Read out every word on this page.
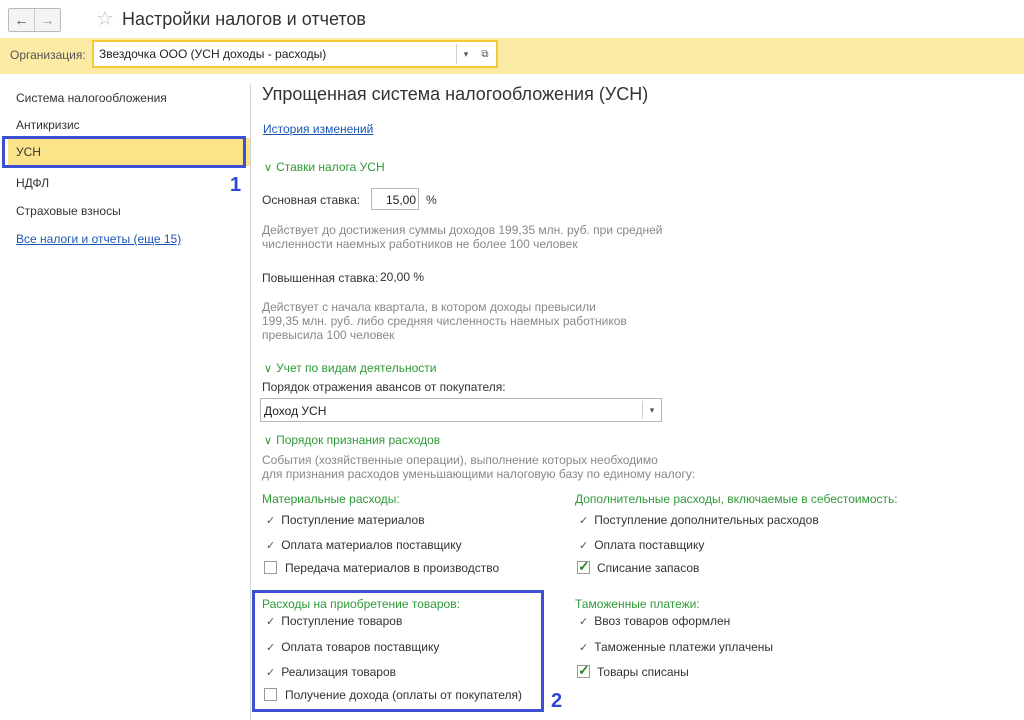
← → ☆ Настройки налогов и отчетов
Организация: Звездочка ООО (УСН доходы - расходы)	▾ ⧉
Система налогообложения
Антикризис
УСН
НДФЛ
Страховые взносы
Все налоги и отчеты (еще 15)
1
Упрощенная система налогообложения (УСН)
История изменений
∨ Ставки налога УСН
Основная ставка:	15,00 %
Действует до достижения суммы доходов 199,35 млн. руб. при средней
численности наемных работников не более 100 человек
Повышенная ставка: 20,00 %
Действует с начала квартала, в котором доходы превысили
199,35 млн. руб. либо средняя численность наемных работников
превысила 100 человек
∨ Учет по видам деятельности
Порядок отражения авансов от покупателя:
Доход УСН	▾
∨ Порядок признания расходов
События (хозяйственные операции), выполнение которых необходимо
для признания расходов уменьшающими налоговую базу по единому налогу:
Материальные расходы:
✓ Поступление материалов
✓ Оплата материалов поставщику
Передача материалов в производство
Дополнительные расходы, включаемые в себестоимость:
✓ Поступление дополнительных расходов
✓ Оплата поставщику
✓
Списание запасов
Расходы на приобретение товаров:
✓ Поступление товаров
✓ Оплата товаров поставщику
✓ Реализация товаров
Получение дохода (оплаты от покупателя)
Таможенные платежи:
✓ Ввоз товаров оформлен
✓ Таможенные платежи уплачены
✓
Товары списаны
2
